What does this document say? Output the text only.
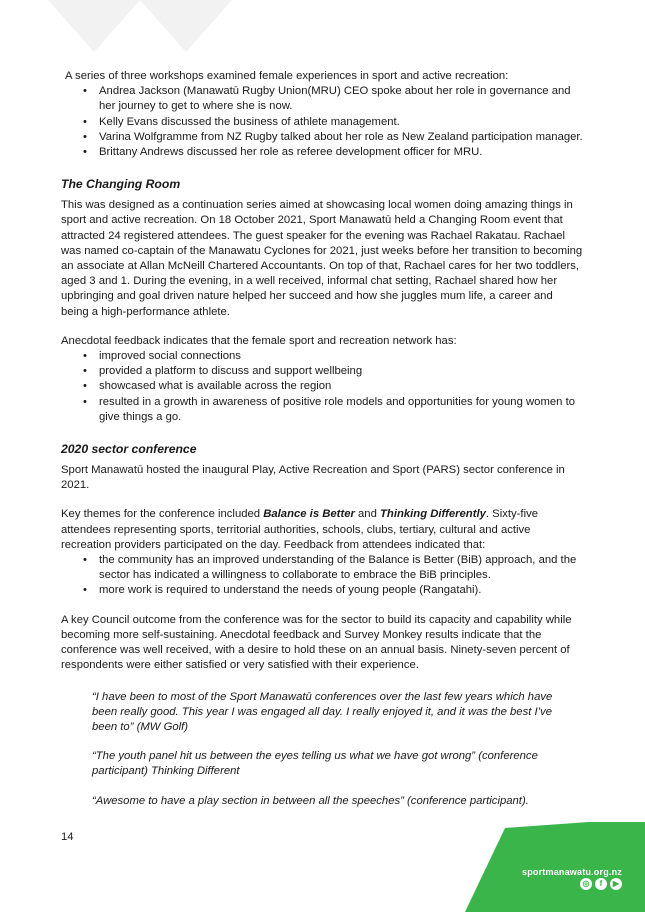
A series of three workshops examined female experiences in sport and active recreation:

• Andrea Jackson (Manawatū Rugby Union(MRU) CEO spoke about her role in governance and her journey to get to where she is now.
• Kelly Evans discussed the business of athlete management.
• Varina Wolfgramme from NZ Rugby talked about her role as New Zealand participation manager.
• Brittany Andrews discussed her role as referee development officer for MRU.
The Changing Room

This was designed as a continuation series aimed at showcasing local women doing amazing things in sport and active recreation. On 18 October 2021, Sport Manawatū held a Changing Room event that attracted 24 registered attendees. The guest speaker for the evening was Rachael Rakatau. Rachael was named co-captain of the Manawatu Cyclones for 2021, just weeks before her transition to becoming an associate at Allan McNeill Chartered Accountants. On top of that, Rachael cares for her two toddlers, aged 3 and 1. During the evening, in a well received, informal chat setting, Rachael shared how her upbringing and goal driven nature helped her succeed and how she juggles mum life, a career and being a high-performance athlete.

Anecdotal feedback indicates that the female sport and recreation network has:

• improved social connections
• provided a platform to discuss and support wellbeing
• showcased what is available across the region
• resulted in a growth in awareness of positive role models and opportunities for young women to give things a go.
2020 sector conference

Sport Manawatū hosted the inaugural Play, Active Recreation and Sport (PARS) sector conference in 2021.

Key themes for the conference included Balance is Better and Thinking Differently. Sixty-five attendees representing sports, territorial authorities, schools, clubs, tertiary, cultural and active recreation providers participated on the day. Feedback from attendees indicated that:

• the community has an improved understanding of the Balance is Better (BiB) approach, and the sector has indicated a willingness to collaborate to embrace the BiB principles.
• more work is required to understand the needs of young people (Rangatahi).

A key Council outcome from the conference was for the sector to build its capacity and capability while becoming more self-sustaining. Anecdotal feedback and Survey Monkey results indicate that the conference was well received, with a desire to hold these on an annual basis. Ninety-seven percent of respondents were either satisfied or very satisfied with their experience.

“I have been to most of the Sport Manawatū conferences over the last few years which have been really good. This year I was engaged all day. I really enjoyed it, and it was the best I’ve been to” (MW Golf)

“The youth panel hit us between the eyes telling us what we have got wrong” (conference participant) Thinking Different

“Awesome to have a play section in between all the speeches” (conference participant).

14
sportmanawatu.org.nz
◎	f	▶
